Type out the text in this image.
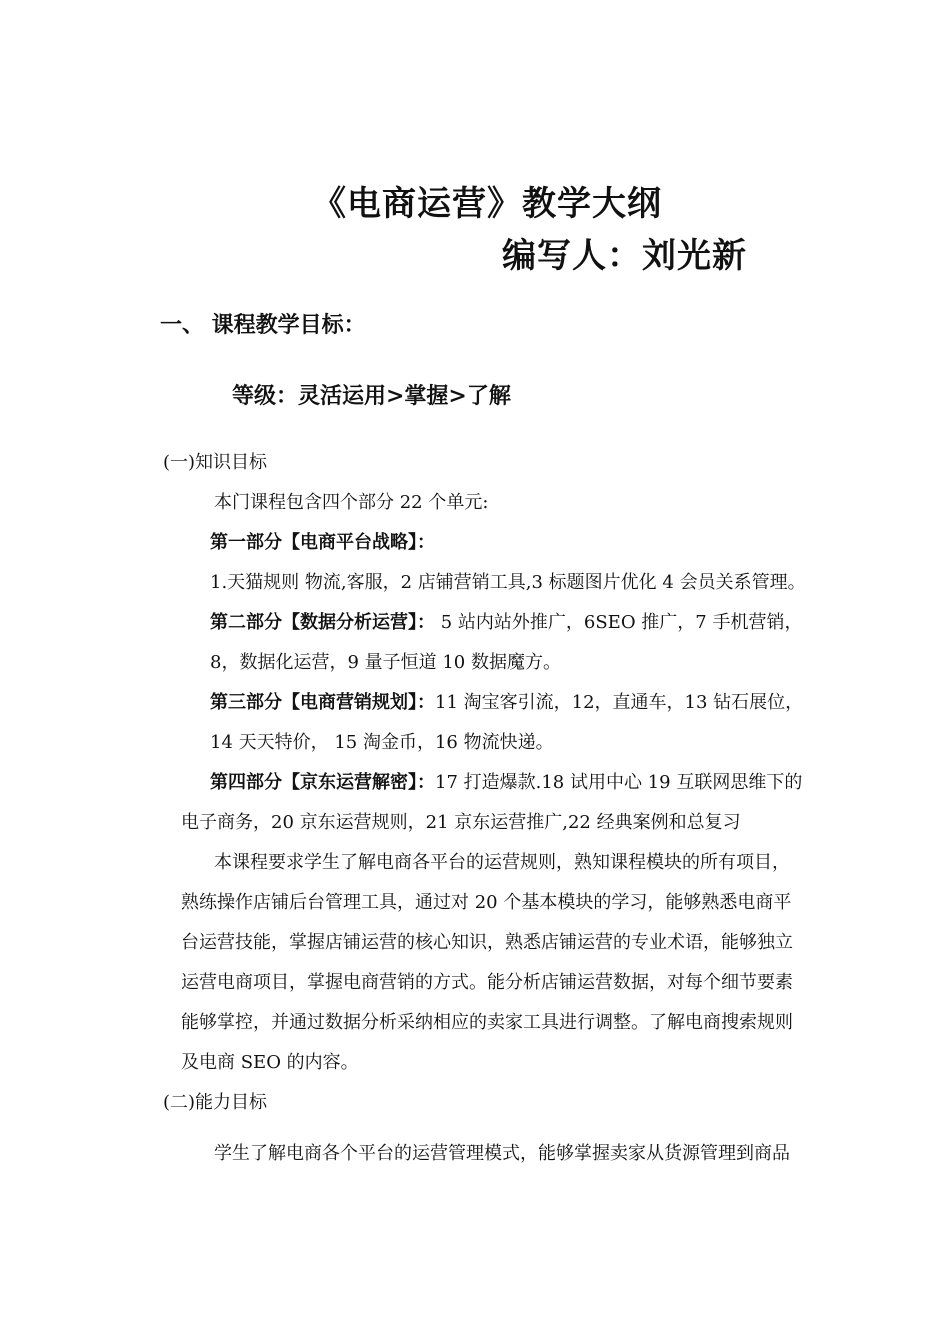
《电商运营》教学大纲
编写人：刘光新
一、 课程教学目标：
等级：灵活运用>掌握>了解
(一)知识目标
本门课程包含四个部分 22 个单元:
第一部分【电商平台战略】：
1.天猫规则 物流,客服，2 店铺营销工具,3 标题图片优化 4 会员关系管理。
第二部分【数据分析运营】： 5 站内站外推广，6SEO 推广，7 手机营销，
8，数据化运营，9 量子恒道 10 数据魔方。
第三部分【电商营销规划】：11 淘宝客引流，12，直通车，13 钻石展位，
14 天天特价， 15 淘金币，16 物流快递。
第四部分【京东运营解密】：17 打造爆款.18 试用中心 19 互联网思维下的
电子商务，20 京东运营规则，21 京东运营推广,22 经典案例和总复习
本课程要求学生了解电商各平台的运营规则，熟知课程模块的所有项目，
熟练操作店铺后台管理工具，通过对 20 个基本模块的学习，能够熟悉电商平
台运营技能，掌握店铺运营的核心知识，熟悉店铺运营的专业术语，能够独立
运营电商项目，掌握电商营销的方式。能分析店铺运营数据，对每个细节要素
能够掌控，并通过数据分析采纳相应的卖家工具进行调整。了解电商搜索规则
及电商 SEO 的内容。
(二)能力目标
学生了解电商各个平台的运营管理模式，能够掌握卖家从货源管理到商品
